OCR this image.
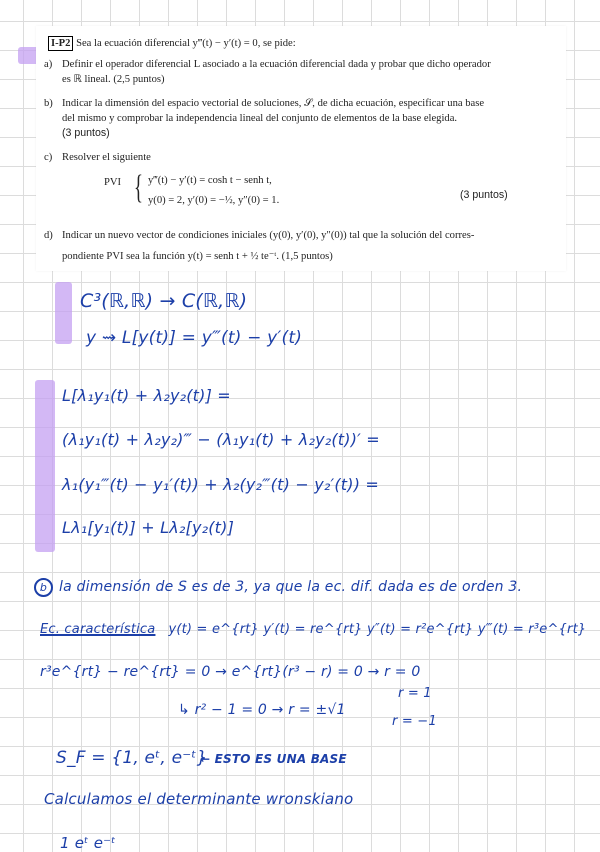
I-P2 Sea la ecuación diferencial y‴(t) − y′(t) = 0, se pide:
a) Definir el operador diferencial L asociado a la ecuación diferencial dada y probar que dicho operador
es ℝ lineal. (2,5 puntos)
b) Indicar la dimensión del espacio vectorial de soluciones, 𝒮, de dicha ecuación, especificar una base
del mismo y comprobar la independencia lineal del conjunto de elementos de la base elegida.
(3 puntos)
c) Resolver el siguiente
PVI { y‴(t) − y′(t) = cosh t − senh t,
y(0) = 2, y′(0) = −½, y″(0) = 1.	(3 puntos)
d) Indicar un nuevo vector de condiciones iniciales (y(0), y′(0), y″(0)) tal que la solución del corres-
pondiente PVI sea la función y(t) = senh t + ½ te⁻ᵗ. (1,5 puntos)
C³(ℝ,ℝ) → C(ℝ,ℝ)
y ⇝ L[y(t)] = y‴(t) − y′(t)
L[λ₁y₁(t) + λ₂y₂(t)] =
(λ₁y₁(t) + λ₂y₂)‴ − (λ₁y₁(t) + λ₂y₂(t))′ =
λ₁(y₁‴(t) − y₁′(t)) + λ₂(y₂‴(t) − y₂′(t)) =
Lλ₁[y₁(t)] + Lλ₂[y₂(t)]
b la dimensión de S es de 3, ya que la ec. dif. dada es de orden 3.
Ec. característica y(t) = e^{rt} y′(t) = re^{rt} y″(t) = r²e^{rt} y‴(t) = r³e^{rt}
r³e^{rt} − re^{rt} = 0 → e^{rt}(r³ − r) = 0 → r = 0
↳ r² − 1 = 0 → r = ±√1
r = 1
r = −1
S_F = {1, eᵗ, e⁻ᵗ}
← ESTO ES UNA BASE
Calculamos el determinante wronskiano
1 eᵗ e⁻ᵗ
